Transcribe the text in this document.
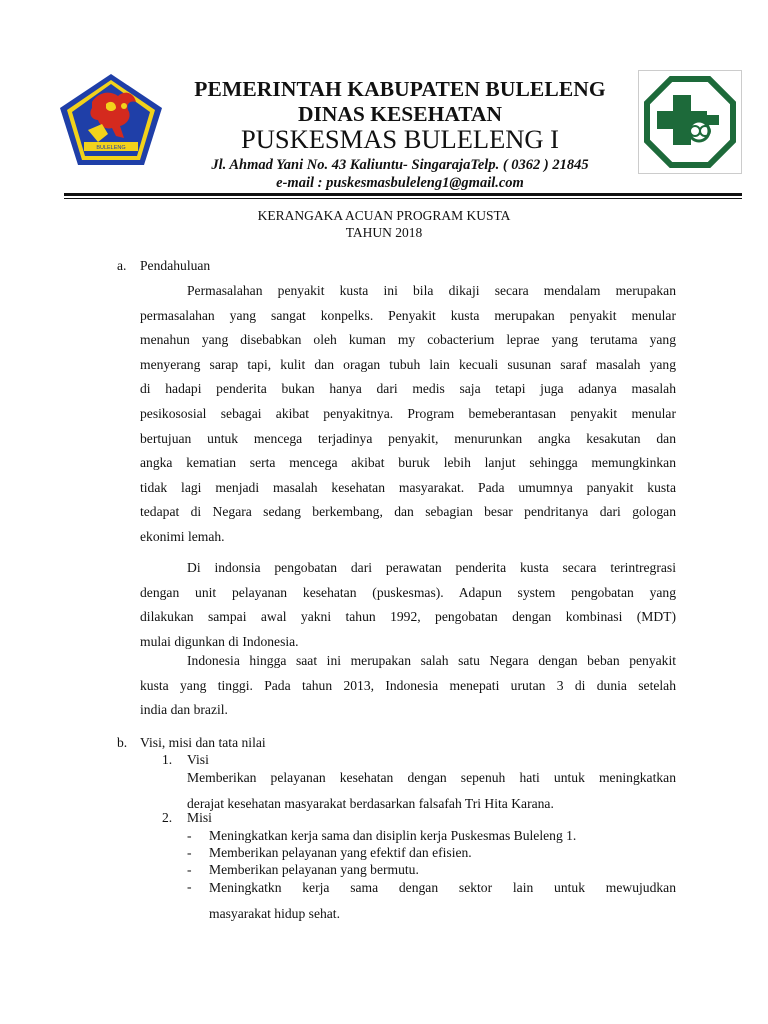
BULELENG
PEMERINTAH KABUPATEN BULELENG
DINAS KESEHATAN
PUSKESMAS BULELENG I
Jl. Ahmad Yani No. 43 Kaliuntu- SingarajaTelp. ( 0362 ) 21845
e-mail : puskesmasbuleleng1@gmail.com
KERANGAKA ACUAN PROGRAM KUSTA
TAHUN 2018
a. Pendahuluan
Permasalahan penyakit kusta ini bila dikaji secara mendalam merupakan
permasalahan yang sangat konpelks. Penyakit kusta merupakan penyakit menular
menahun yang disebabkan oleh kuman my cobacterium leprae yang terutama yang
menyerang sarap tapi, kulit dan oragan tubuh lain kecuali susunan saraf masalah yang
di hadapi penderita bukan hanya dari medis saja tetapi juga adanya masalah
pesikososial sebagai akibat penyakitnya. Program bemeberantasan penyakit menular
bertujuan untuk mencega terjadinya penyakit, menurunkan angka kesakutan dan
angka kematian serta mencega akibat buruk lebih lanjut sehingga memungkinkan
tidak lagi menjadi masalah kesehatan masyarakat. Pada umumnya panyakit kusta
tedapat di Negara sedang berkembang, dan sebagian besar pendritanya dari gologan
ekonimi lemah.
Di indonsia pengobatan dari perawatan penderita kusta secara terintregrasi
dengan unit pelayanan kesehatan (puskesmas). Adapun system pengobatan yang
dilakukan sampai awal yakni tahun 1992, pengobatan dengan kombinasi (MDT)
mulai digunkan di Indonesia.
Indonesia hingga saat ini merupakan salah satu Negara dengan beban penyakit
kusta yang tinggi. Pada tahun 2013, Indonesia menepati urutan 3 di dunia setelah
india dan brazil.
b. Visi, misi dan tata nilai
1. Visi
Memberikan pelayanan kesehatan dengan sepenuh hati untuk meningkatkan
derajat kesehatan masyarakat berdasarkan falsafah Tri Hita Karana.
2. Misi
- Meningkatkan kerja sama dan disiplin kerja Puskesmas Buleleng 1.
- Memberikan pelayanan yang efektif dan efisien.
- Memberikan pelayanan yang bermutu.
- Meningkatkn kerja sama dengan sektor lain untuk mewujudkan
masyarakat hidup sehat.
